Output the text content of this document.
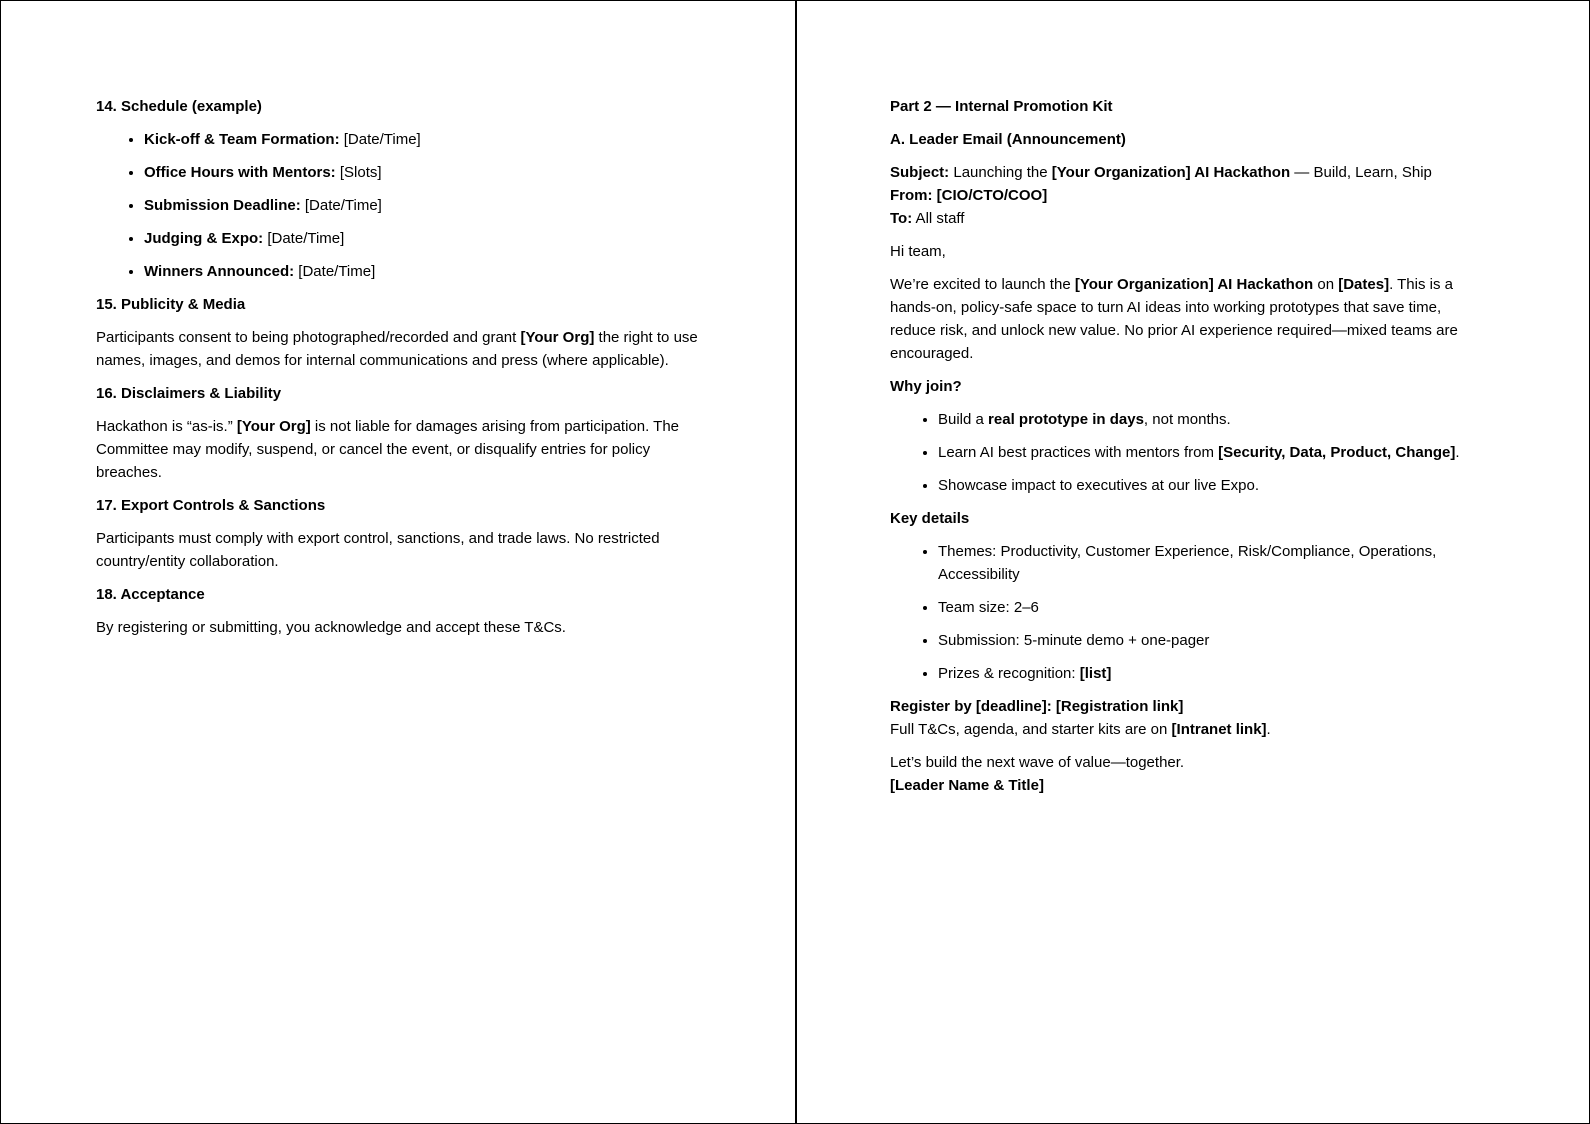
14. Schedule (example)
• Kick-off & Team Formation: [Date/Time]
• Office Hours with Mentors: [Slots]
• Submission Deadline: [Date/Time]
• Judging & Expo: [Date/Time]
• Winners Announced: [Date/Time]
15. Publicity & Media

Participants consent to being photographed/recorded and grant [Your Org] the right to use names, images, and demos for internal communications and press (where applicable).

16. Disclaimers & Liability

Hackathon is “as-is.” [Your Org] is not liable for damages arising from participation. The Committee may modify, suspend, or cancel the event, or disqualify entries for policy breaches.

17. Export Controls & Sanctions

Participants must comply with export control, sanctions, and trade laws. No restricted country/entity collaboration.

18. Acceptance

By registering or submitting, you acknowledge and accept these T&Cs.

Part 2 — Internal Promotion Kit
A. Leader Email (Announcement)

Subject: Launching the [Your Organization] AI Hackathon — Build, Learn, Ship
From: [CIO/CTO/COO]
To: All staff

Hi team,

We’re excited to launch the [Your Organization] AI Hackathon on [Dates]. This is a hands-on, policy-safe space to turn AI ideas into working prototypes that save time, reduce risk, and unlock new value. No prior AI experience required—mixed teams are encouraged.

Why join?
• Build a real prototype in days, not months.
• Learn AI best practices with mentors from [Security, Data, Product, Change].
• Showcase impact to executives at our live Expo.
Key details
• Themes: Productivity, Customer Experience, Risk/Compliance, Operations, Accessibility
• Team size: 2–6
• Submission: 5-minute demo + one-pager
• Prizes & recognition: [list]

Register by [deadline]: [Registration link]
Full T&Cs, agenda, and starter kits are on [Intranet link].

Let’s build the next wave of value—together.
[Leader Name & Title]
